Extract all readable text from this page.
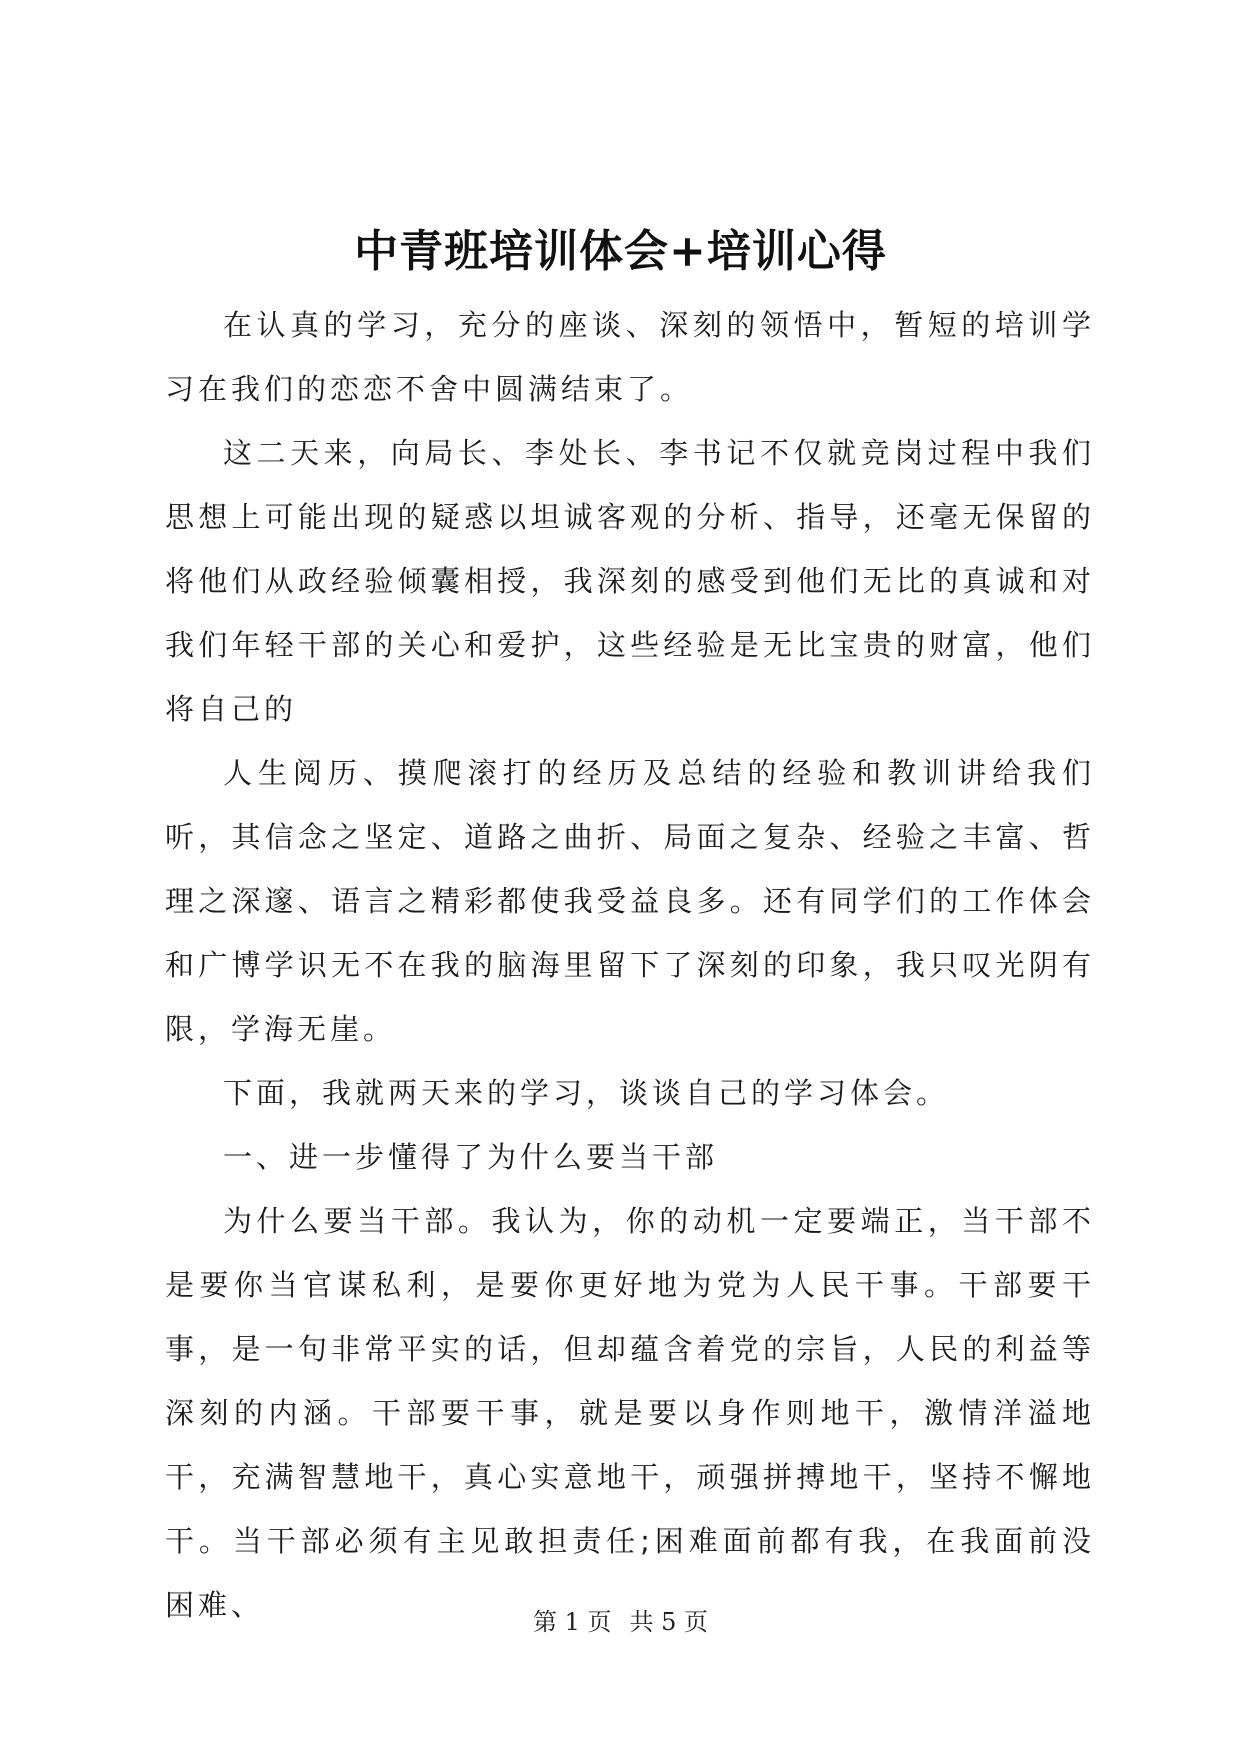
中青班培训体会+培训心得

在认真的学习，充分的座谈、深刻的领悟中，暂短的培训学习在我们的恋恋不舍中圆满结束了。

这二天来，向局长、李处长、李书记不仅就竞岗过程中我们思想上可能出现的疑惑以坦诚客观的分析、指导，还毫无保留的将他们从政经验倾囊相授，我深刻的感受到他们无比的真诚和对我们年轻干部的关心和爱护，这些经验是无比宝贵的财富，他们将自己的

人生阅历、摸爬滚打的经历及总结的经验和教训讲给我们听，其信念之坚定、道路之曲折、局面之复杂、经验之丰富、哲理之深邃、语言之精彩都使我受益良多。还有同学们的工作体会和广博学识无不在我的脑海里留下了深刻的印象，我只叹光阴有限，学海无崖。

下面，我就两天来的学习，谈谈自己的学习体会。

一、进一步懂得了为什么要当干部

为什么要当干部。我认为，你的动机一定要端正，当干部不是要你当官谋私利，是要你更好地为党为人民干事。干部要干事，是一句非常平实的话，但却蕴含着党的宗旨，人民的利益等深刻的内涵。干部要干事，就是要以身作则地干，激情洋溢地干，充满智慧地干，真心实意地干，顽强拼搏地干，坚持不懈地干。当干部必须有主见敢担责任;困难面前都有我，在我面前没困难、	第 1 页 共 5 页
